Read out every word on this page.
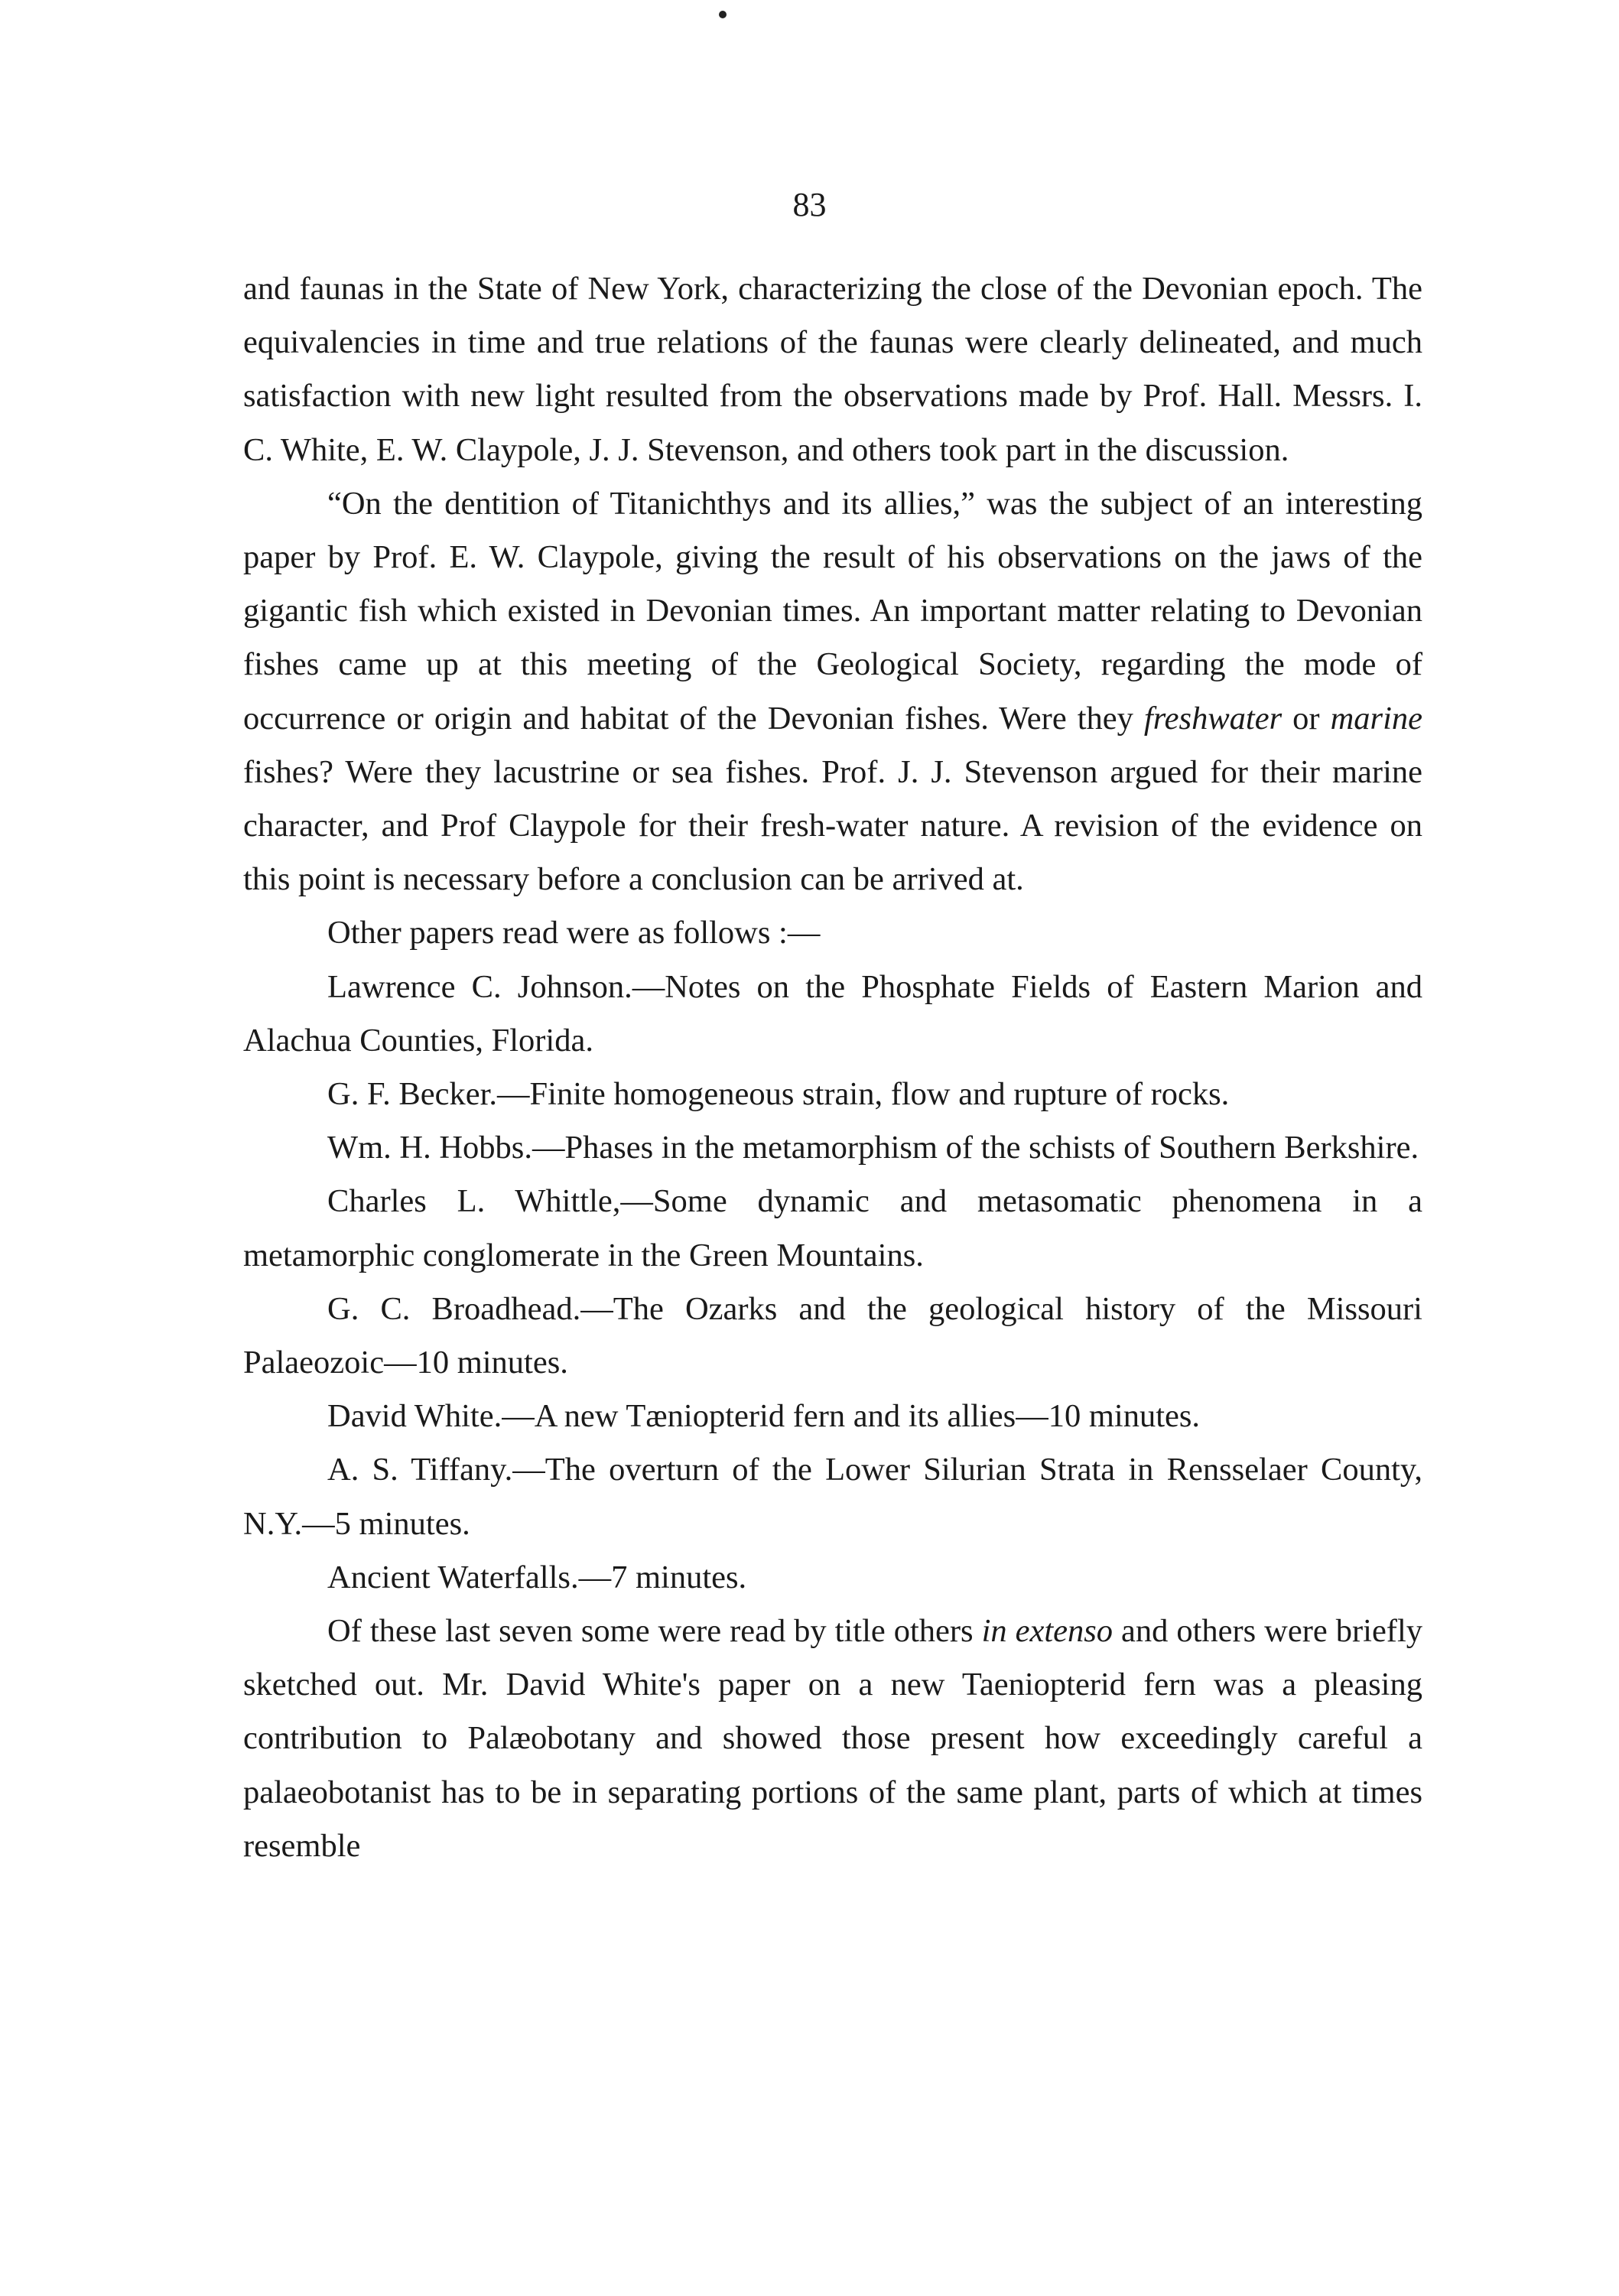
83

and faunas in the State of New York, characterizing the close of the Devonian epoch. The equivalencies in time and true relations of the faunas were clearly delineated, and much satisfaction with new light resulted from the observations made by Prof. Hall. Messrs. I. C. White, E. W. Claypole, J. J. Stevenson, and others took part in the discussion.

“On the dentition of Titanichthys and its allies,” was the subject of an interesting paper by Prof. E. W. Claypole, giving the result of his observations on the jaws of the gigantic fish which existed in Devonian times. An important matter relating to Devonian fishes came up at this meeting of the Geological Society, regarding the mode of occurrence or origin and habitat of the Devonian fishes. Were they freshwater or marine fishes? Were they lacustrine or sea fishes. Prof. J. J. Stevenson argued for their marine character, and Prof Claypole for their fresh-water nature. A revision of the evidence on this point is necessary before a conclusion can be arrived at.

Other papers read were as follows :—

Lawrence C. Johnson.—Notes on the Phosphate Fields of Eastern Marion and Alachua Counties, Florida.

G. F. Becker.—Finite homogeneous strain, flow and rupture of rocks.

Wm. H. Hobbs.—Phases in the metamorphism of the schists of Southern Berkshire.

Charles L. Whittle,—Some dynamic and metasomatic phenomena in a metamorphic conglomerate in the Green Mountains.

G. C. Broadhead.—The Ozarks and the geological history of the Missouri Palaeozoic—10 minutes.

David White.—A new Tæniopterid fern and its allies—10 minutes.

A. S. Tiffany.—The overturn of the Lower Silurian Strata in Rensselaer County, N.Y.—5 minutes.

Ancient Waterfalls.—7 minutes.

Of these last seven some were read by title others in extenso and others were briefly sketched out. Mr. David White's paper on a new Taeniopterid fern was a pleasing contribution to Palæobotany and showed those present how exceedingly careful a palaeobotanist has to be in separating portions of the same plant, parts of which at times resemble
